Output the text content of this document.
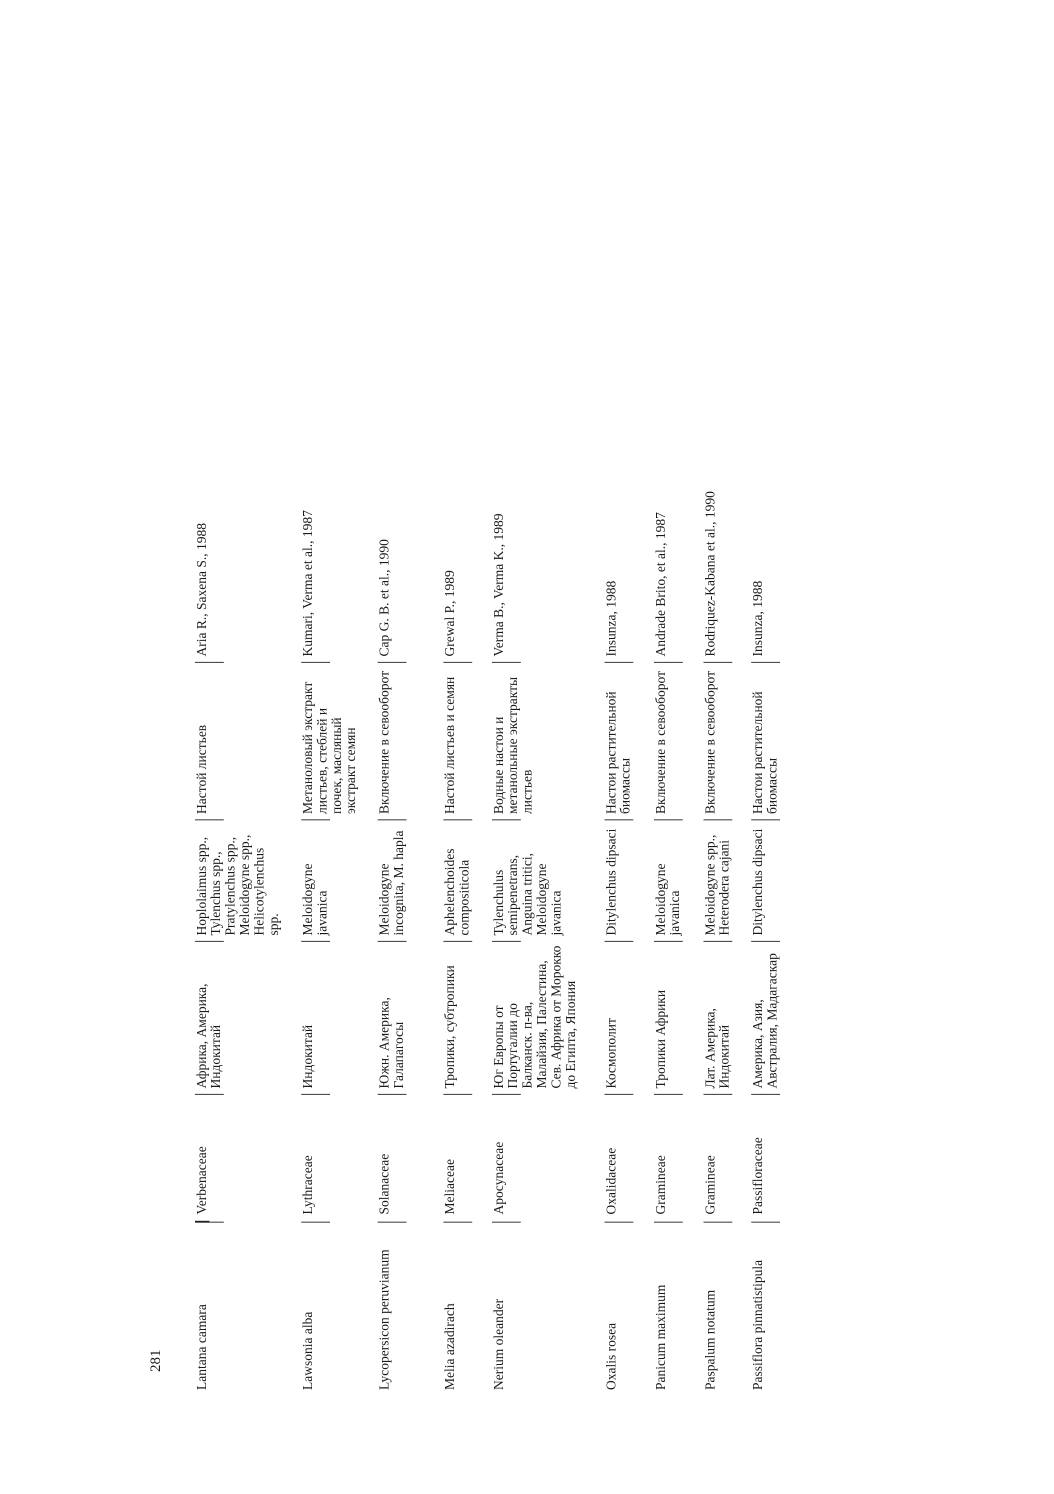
Lantana camara
Verbenaceae
Африка, Америка, Индокитай
Hoplolaimus spp., Tylenchus spp., Pratylenchus spp., Meloidogyne spp., Helicotylenchus spp.
Настой листьев
Aria R., Saxena S., 1988
Lawsonia alba
Lythraceae
Индокитай
Meloidogyne javanica
Метаноловый экстракт листьев, стеблей и почек, масляный экстракт семян
Kumari, Verma et al., 1987
Lycopersicon peruvianum
Solanaceae
Южн. Америка, Галапагосы
Meloidogyne incognita, M. hapla
Включение в севооборот
Cap G. B. et al., 1990
Melia azadirach
Meliaceae
Тропики, субтропики
Aphelenchoides compositicola
Настой листьев и семян
Grewal P., 1989
Nerium oleander
Apocynaceae
Юг Европы от Португалии до Балканск. п-ва, Малайзия, Палестина, Сев. Африка от Морокко до Египта, Япония
Tylenchulus semipenetrans, Anguina tritici, Meloidogyne javanica
Водные настои и метанольные экстракты листьев
Verma B., Verma K., 1989
Oxalis rosea
Oxalidaceae
Космополит
Ditylenchus dipsaci
Настои растительной биомассы
Insunza, 1988
Panicum maximum
Gramineae
Тропики Африки
Meloidogyne javanica
Включение в севооборот
Andrade Brito, et al., 1987
Paspalum notatum
Gramineae
Лат. Америка, Индокитай
Meloidogyne spp., Heterodera cajani
Включение в севооборот
Rodriquez-Kabana et al., 1990
Passiflora pinnatistipula
Passifloraceae
Америка, Азия, Австралия, Мадагаскар
Ditylenchus dipsaci
Настои растительной биомассы
Insunza, 1988
281
